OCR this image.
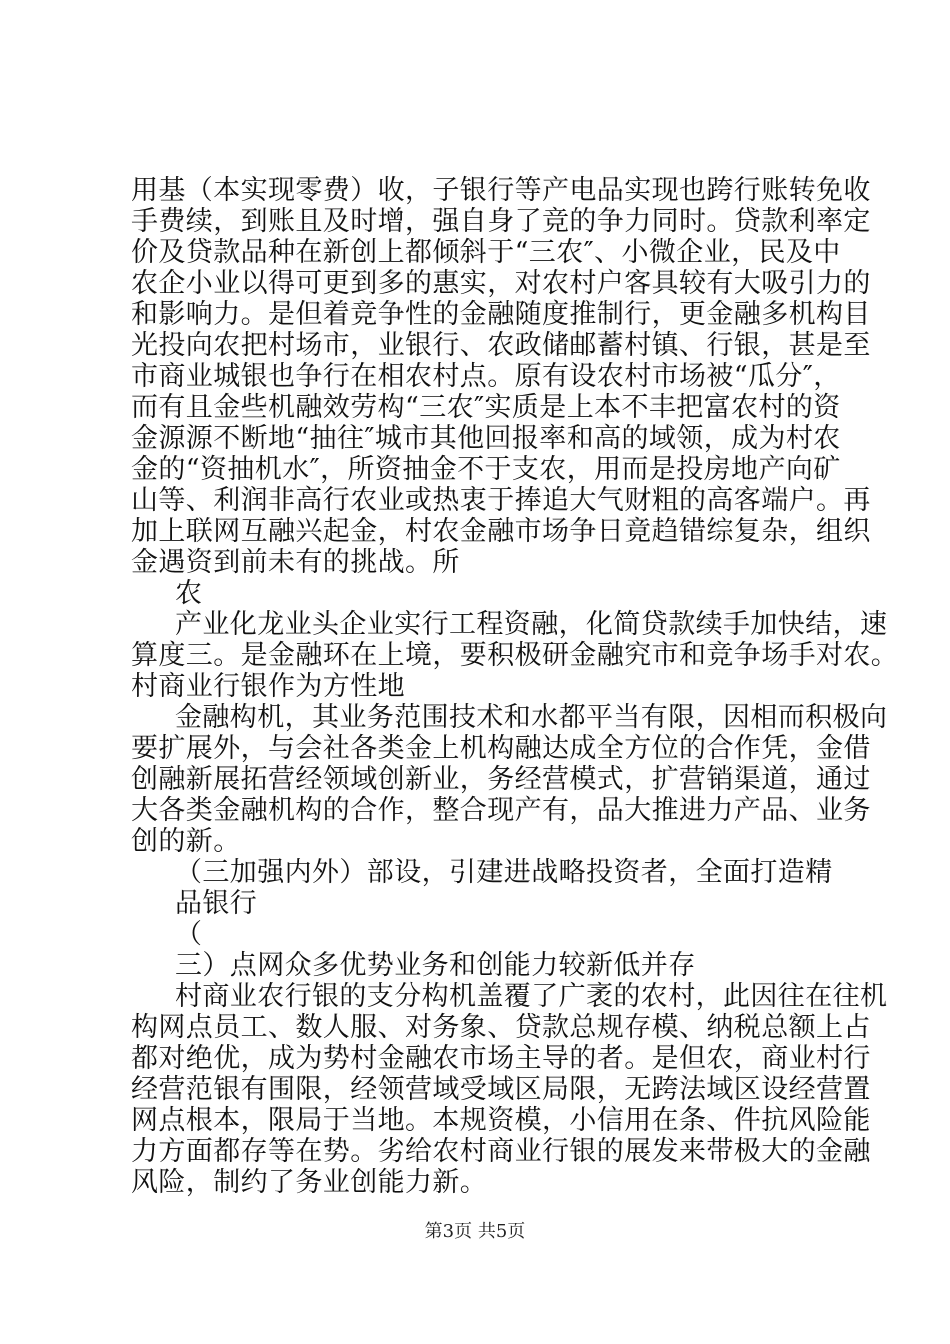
用基（本实现零费）收，子银行等产电品实现也跨行账转免收
手费续，到账且及时增，强自身了竞的争力同时。贷款利率定
价及贷款品种在新创上都倾斜于“三农″、小微企业，民及中
农企小业以得可更到多的惠实，对农村户客具较有大吸引力的
和影响力。是但着竞争性的金融随度推制行，更金融多机构目
光投向农把村场市，业银行、农政储邮蓄村镇、行银，甚是至
市商业城银也争行在相农村点。原有设农村市场被“瓜分″，
而有且金些机融效劳构“三农″实质是上本不丰把富农村的资
金源源不断地“抽往″城市其他回报率和高的域领，成为村农
金的“资抽机水″，所资抽金不于支农，用而是投房地产向矿
山等、利润非高行农业或热衷于捧追大气财粗的高客端户。再
加上联网互融兴起金，村农金融市场争日竟趋错综复杂，组织
金遇资到前未有的挑战。所
农
产业化龙业头企业实行工程资融，化简贷款续手加快结，速
算度三。是金融环在上境，要积极研金融究市和竞争场手对农。
村商业行银作为方性地
金融构机，其业务范围技术和水都平当有限，因相而积极向
要扩展外，与会社各类金上机构融达成全方位的合作凭，金借
创融新展拓营经领域创新业，务经营模式，扩营销渠道，通过
大各类金融机构的合作，整合现产有，品大推进力产品、业务
创的新。
（三加强内外）部设，引建进战略投资者，全面打造精
品银行
（
三）点网众多优势业务和创能力较新低并存
村商业农行银的支分构机盖覆了广袤的农村，此因往在往机
构网点员工、数人服、对务象、贷款总规存模、纳税总额上占
都对绝优，成为势村金融农市场主导的者。是但农，商业村行
经营范银有围限，经领营域受域区局限，无跨法域区设经营置
网点根本，限局于当地。本规资模，小信用在条、件抗风险能
力方面都存等在势。劣给农村商业行银的展发来带极大的金融
风险，制约了务业创能力新。
第3页 共5页
